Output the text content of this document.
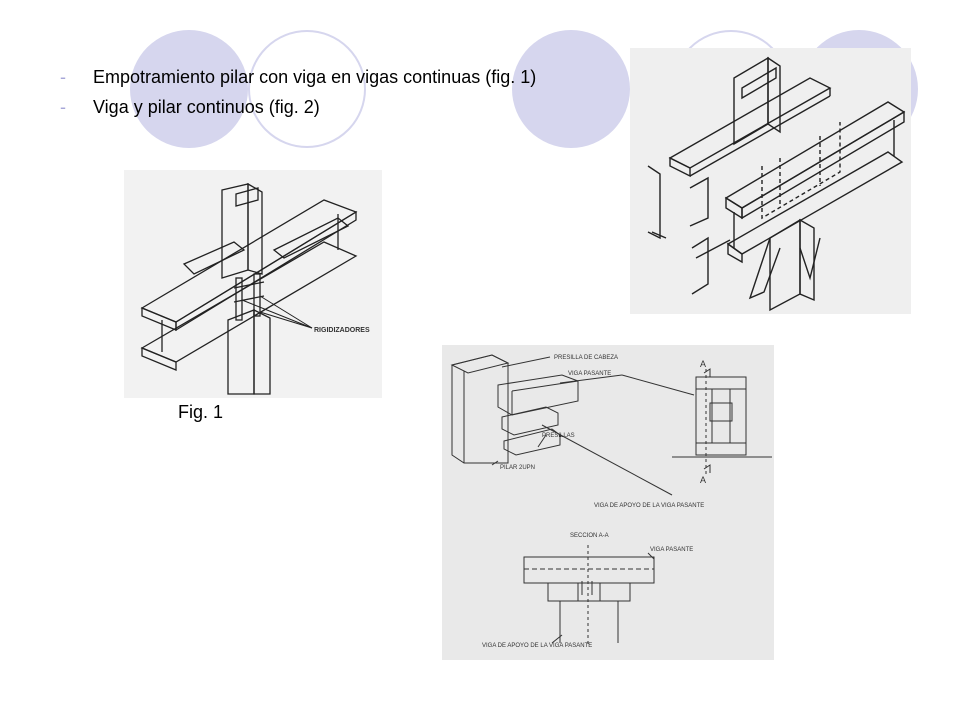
- Empotramiento pilar con viga en vigas continuas (fig. 1)
- Viga y pilar continuos (fig. 2)
RIGIDIZADORES
Fig. 1
PRESILLA DE CABEZA
VIGA PASANTE
PRESILLAS
PILAR 2UPN
VIGA DE APOYO DE LA VIGA PASANTE
SECCION A-A
VIGA PASANTE
VIGA DE APOYO DE LA VIGA PASANTE
A
A
